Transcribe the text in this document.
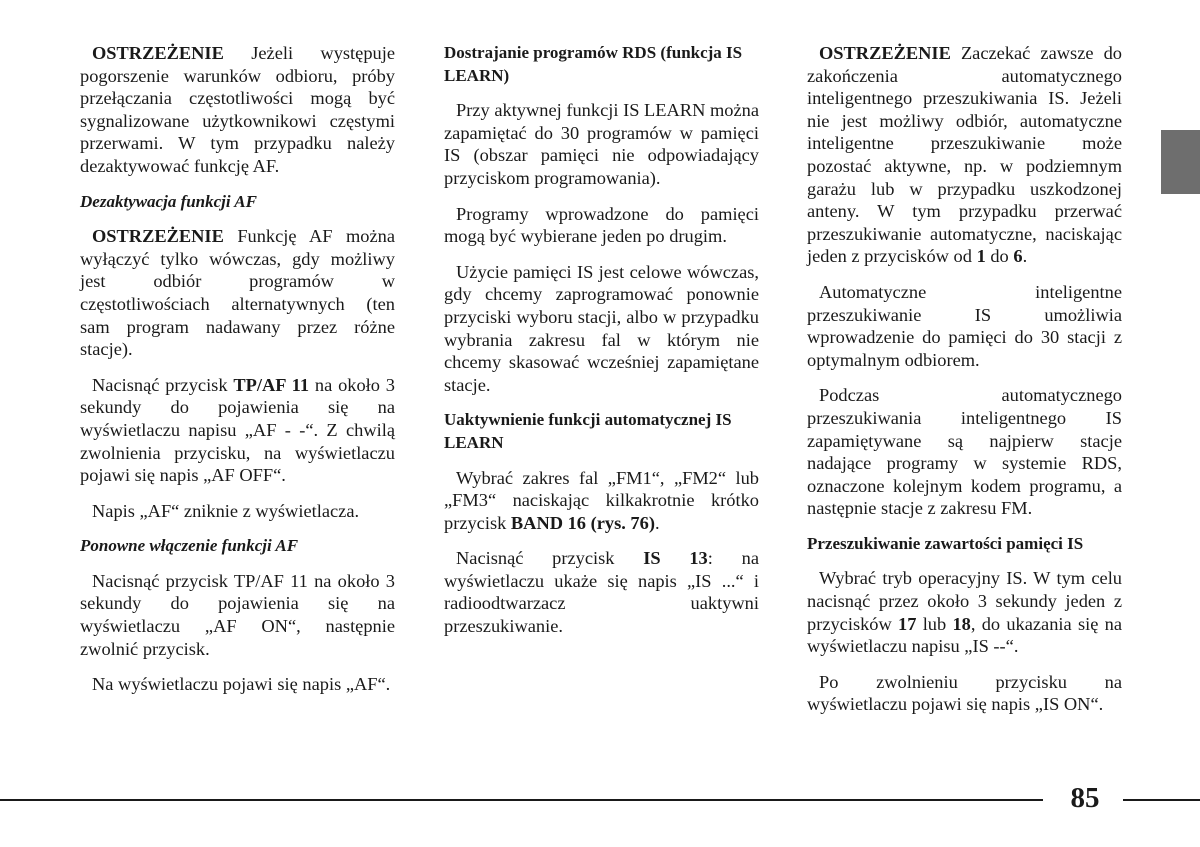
OSTRZEŻENIE Jeżeli występuje pogorszenie warunków odbioru, próby przełączania częstotliwości mogą być sygnalizowane użytkownikowi częstymi przerwami. W tym przypadku należy dezaktywować funkcję AF.

Dezaktywacja funkcji AF

OSTRZEŻENIE Funkcję AF można wyłączyć tylko wówczas, gdy możliwy jest odbiór programów w częstotliwościach alternatywnych (ten sam program nadawany przez różne stacje).

Nacisnąć przycisk TP/AF 11 na około 3 sekundy do pojawienia się na wyświetlaczu napisu „AF - -“. Z chwilą zwolnienia przycisku, na wyświetlaczu pojawi się napis „AF OFF“.

Napis „AF“ zniknie z wyświetlacza.

Ponowne włączenie funkcji AF

Nacisnąć przycisk TP/AF 11 na około 3 sekundy do pojawienia się na wyświetlaczu „AF ON“, następnie zwolnić przycisk.

Na wyświetlaczu pojawi się napis „AF“.

Dostrajanie programów RDS (funkcja IS LEARN)

Przy aktywnej funkcji IS LEARN można zapamiętać do 30 programów w pamięci IS (obszar pamięci nie odpowiadający przyciskom programowania).

Programy wprowadzone do pamięci mogą być wybierane jeden po drugim.

Użycie pamięci IS jest celowe wówczas, gdy chcemy zaprogramować ponownie przyciski wyboru stacji, albo w przypadku wybrania zakresu fal w którym nie chcemy skasować wcześniej zapamiętane stacje.

Uaktywnienie funkcji automatycznej IS LEARN

Wybrać zakres fal „FM1“, „FM2“ lub „FM3“ naciskając kilkakrotnie krótko przycisk BAND 16 (rys. 76).

Nacisnąć przycisk IS 13: na wyświetlaczu ukaże się napis „IS ...“ i radioodtwarzacz uaktywni przeszukiwanie.

OSTRZEŻENIE Zaczekać zawsze do zakończenia automatycznego inteligentnego przeszukiwania IS. Jeżeli nie jest możliwy odbiór, automatyczne inteligentne przeszukiwanie może pozostać aktywne, np. w podziemnym garażu lub w przypadku uszkodzonej anteny. W tym przypadku przerwać przeszukiwanie automatyczne, naciskając jeden z przycisków od 1 do 6.

Automatyczne inteligentne przeszukiwanie IS umożliwia wprowadzenie do pamięci do 30 stacji z optymalnym odbiorem.

Podczas automatycznego przeszukiwania inteligentnego IS zapamiętywane są najpierw stacje nadające programy w systemie RDS, oznaczone kolejnym kodem programu, a następnie stacje z zakresu FM.

Przeszukiwanie zawartości pamięci IS

Wybrać tryb operacyjny IS. W tym celu nacisnąć przez około 3 sekundy jeden z przycisków 17 lub 18, do ukazania się na wyświetlaczu napisu „IS --“.

Po zwolnieniu przycisku na wyświetlaczu pojawi się napis „IS ON“.

85
